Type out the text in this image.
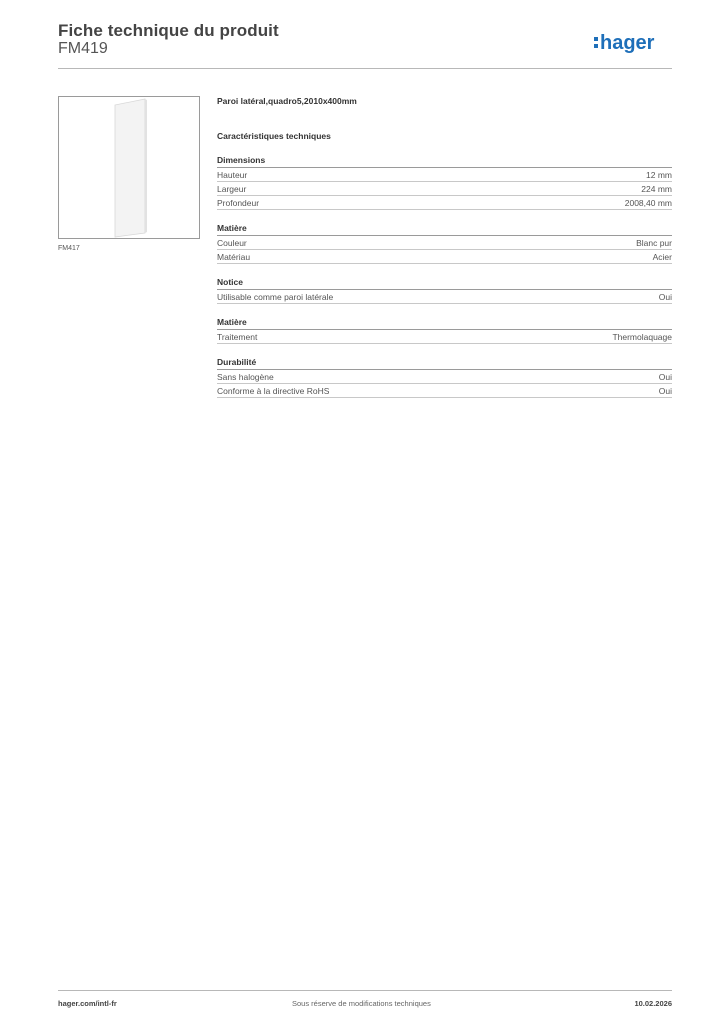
Fiche technique du produit
FM419	hager
FM417
Paroi latéral,quadro5,2010x400mm
Caractéristiques techniques
Dimensions
Hauteur	12 mm
Largeur	224 mm
Profondeur	2008,40 mm
Matière
Couleur	Blanc pur
Matériau	Acier
Notice
Utilisable comme paroi latérale	Oui
Matière
Traitement	Thermolaquage
Durabilité
Sans halogène	Oui
Conforme à la directive RoHS	Oui
hager.com/intl-fr	Sous réserve de modifications techniques	10.02.2026
